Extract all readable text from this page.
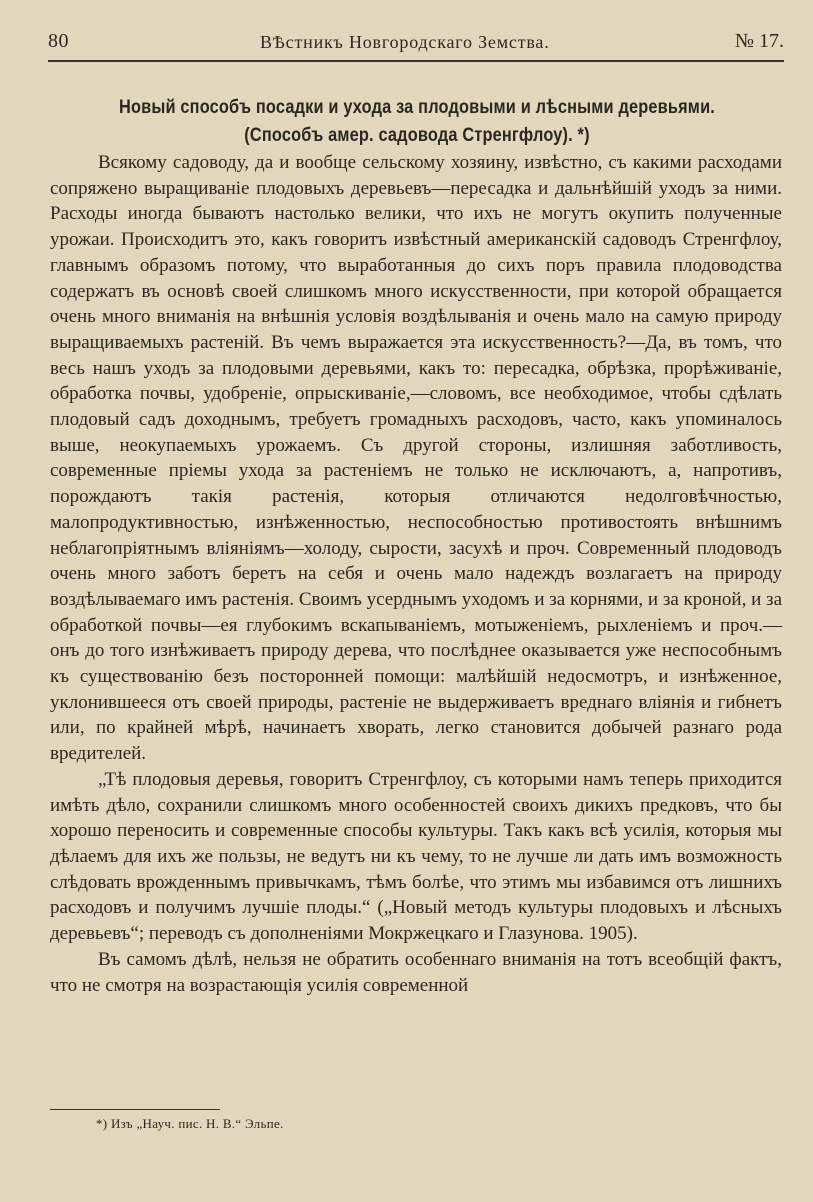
80	ВѢстникъ Новгородскаго Земства.	№ 17.
Новый способъ посадки и ухода за плодовыми и лѣсными деревьями. (Способъ амер. садовода Стренгфлоу). *)

Всякому садоводу, да и вообще сельскому хозяину, извѣстно, съ какими расходами сопряжено выращиваніе плодовыхъ деревьевъ—пересадка и дальнѣйшій уходъ за ними. Расходы иногда бываютъ настолько велики, что ихъ не могутъ окупить полученные урожаи. Происходитъ это, какъ говоритъ извѣстный американскій садоводъ Стренгфлоу, главнымъ образомъ потому, что выработанныя до сихъ поръ правила плодоводства содержатъ въ основѣ своей слишкомъ много искусственности, при которой обращается очень много вниманія на внѣшнія условія воздѣлыванія и очень мало на самую природу выращиваемыхъ растеній. Въ чемъ выражается эта искусственность?—Да, въ томъ, что весь нашъ уходъ за плодовыми деревьями, какъ то: пересадка, обрѣзка, прорѣживаніе, обработка почвы, удобреніе, опрыскиваніе,—словомъ, все необходимое, чтобы сдѣлать плодовый садъ доходнымъ, требуетъ громадныхъ расходовъ, часто, какъ упоминалось выше, неокупаемыхъ урожаемъ. Съ другой стороны, излишняя заботливость, современные пріемы ухода за растеніемъ не только не исключаютъ, а, напротивъ, порождаютъ такія растенія, которыя отличаются недолговѣчностью, малопродуктивностью, изнѣженностью, неспособностью противостоять внѣшнимъ неблагопріятнымъ вліяніямъ—холоду, сырости, засухѣ и проч. Современный плодоводъ очень много заботъ беретъ на себя и очень мало надеждъ возлагаетъ на природу воздѣлываемаго имъ растенія. Своимъ усерднымъ уходомъ и за корнями, и за кроной, и за обработкой почвы—ея глубокимъ вскапываніемъ, мотыженіемъ, рыхленіемъ и проч.—онъ до того изнѣживаетъ природу дерева, что послѣднее оказывается уже неспособнымъ къ существованію безъ посторонней помощи: малѣйшій недосмотръ, и изнѣженное, уклонившееся отъ своей природы, растеніе не выдерживаетъ вреднаго вліянія и гибнетъ или, по крайней мѣрѣ, начинаетъ хворать, легко становится добычей разнаго рода вредителей.

„Тѣ плодовыя деревья, говоритъ Стренгфлоу, съ которыми намъ теперь приходится имѣть дѣло, сохранили слишкомъ много особенностей своихъ дикихъ предковъ, что бы хорошо переносить и современные способы культуры. Такъ какъ всѣ усилія, которыя мы дѣлаемъ для ихъ же пользы, не ведутъ ни къ чему, то не лучше ли дать имъ возможность слѣдовать врожденнымъ привычкамъ, тѣмъ болѣе, что этимъ мы избавимся отъ лишнихъ расходовъ и получимъ лучшіе плоды.“ („Новый методъ культуры плодовыхъ и лѣсныхъ деревьевъ“; переводъ съ дополненіями Мокржецкаго и Глазунова. 1905).

Въ самомъ дѣлѣ, нельзя не обратить особеннаго вниманія на тотъ всеобщій фактъ, что не смотря на возрастающія усилія современной

*) Изъ „Науч. пис. Н. В.“ Эльпе.
